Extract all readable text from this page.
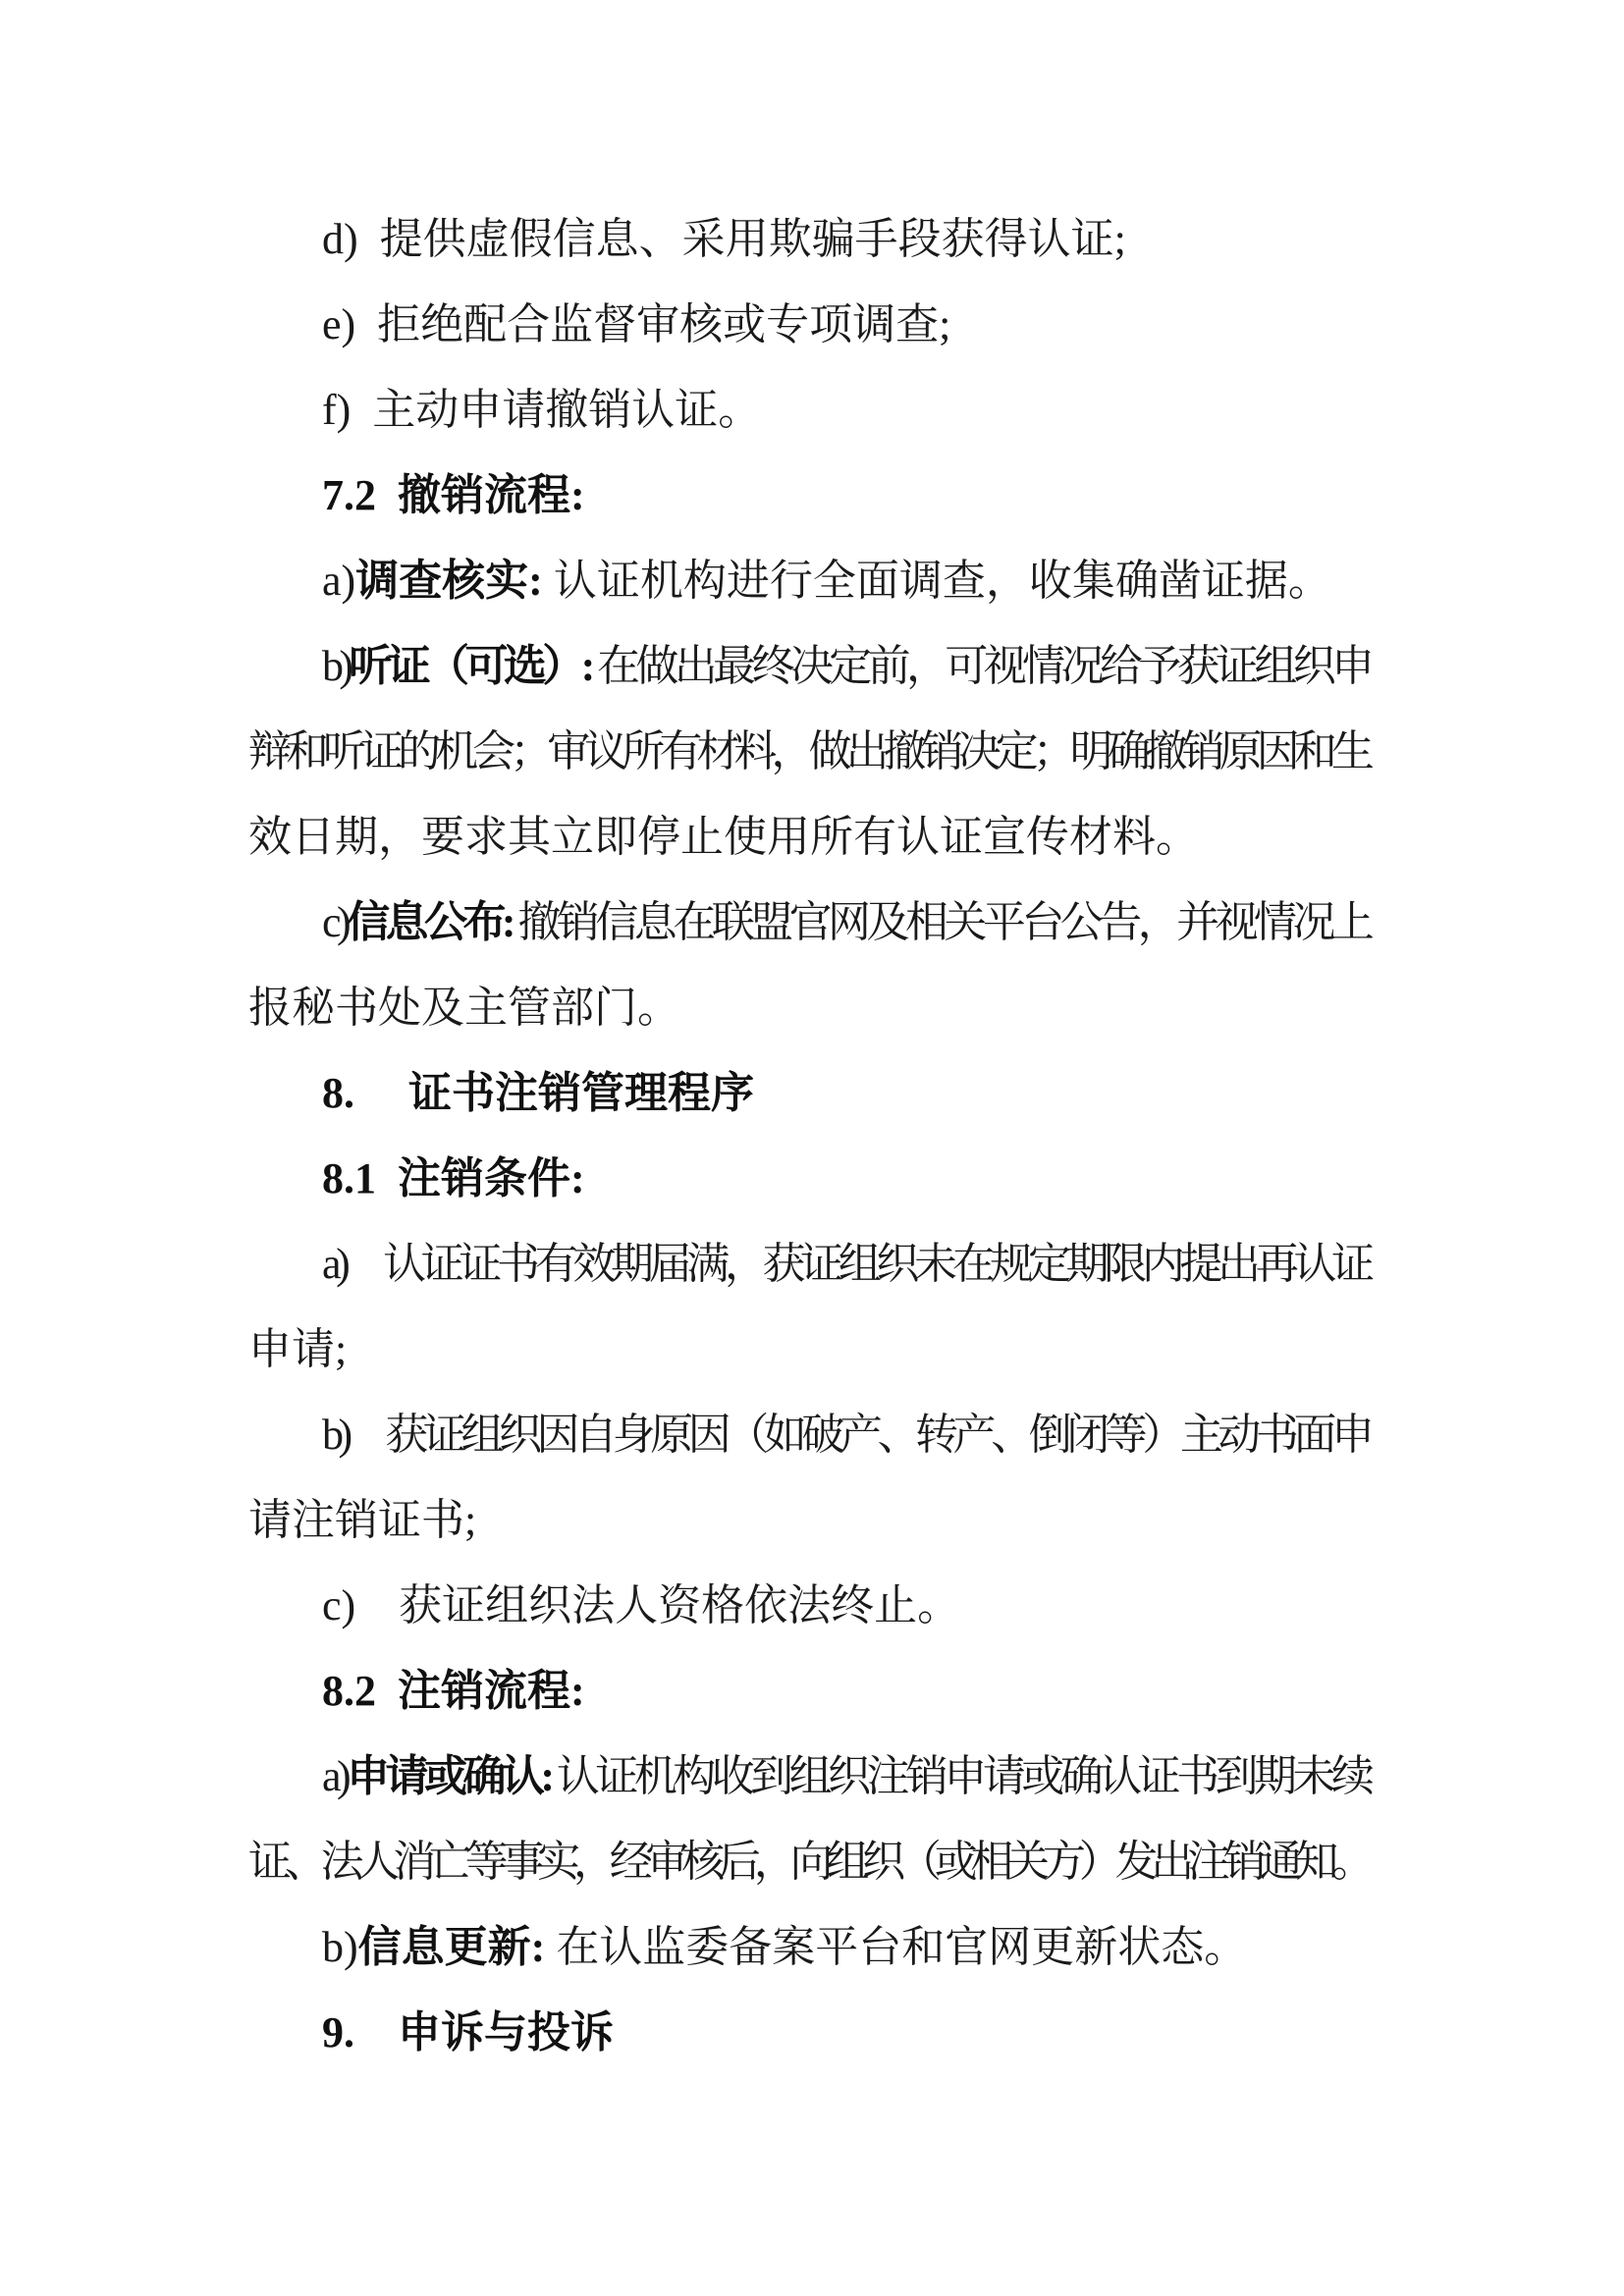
d)  提供虚假信息、采用欺骗手段获得认证;
e)  拒绝配合监督审核或专项调查;
f)  主动申请撤销认证。
7.2  撤销流程:
a)调查核实: 认证机构进行全面调查，收集确凿证据。
b)听证（可选）: 在做出最终决定前，可视情况给予获证组织申
辩和听证的机会；审议所有材料，做出撤销决定；明确撤销原因和生
效日期，要求其立即停止使用所有认证宣传材料。
c)信息公布: 撤销信息在联盟官网及相关平台公告，并视情况上
报秘书处及主管部门。
8.　 证书注销管理程序
8.1  注销条件:
a)　认证证书有效期届满，获证组织未在规定期限内提出再认证
申请;
b)　获证组织因自身原因（如破产、转产、倒闭等）主动书面申
请注销证书;
c)　获证组织法人资格依法终止。
8.2  注销流程:
a)申请或确认: 认证机构收到组织注销申请或确认证书到期未续
证、法人消亡等事实，经审核后，向组织（或相关方）发出注销通知。
b)信息更新: 在认监委备案平台和官网更新状态。
9.　申诉与投诉
